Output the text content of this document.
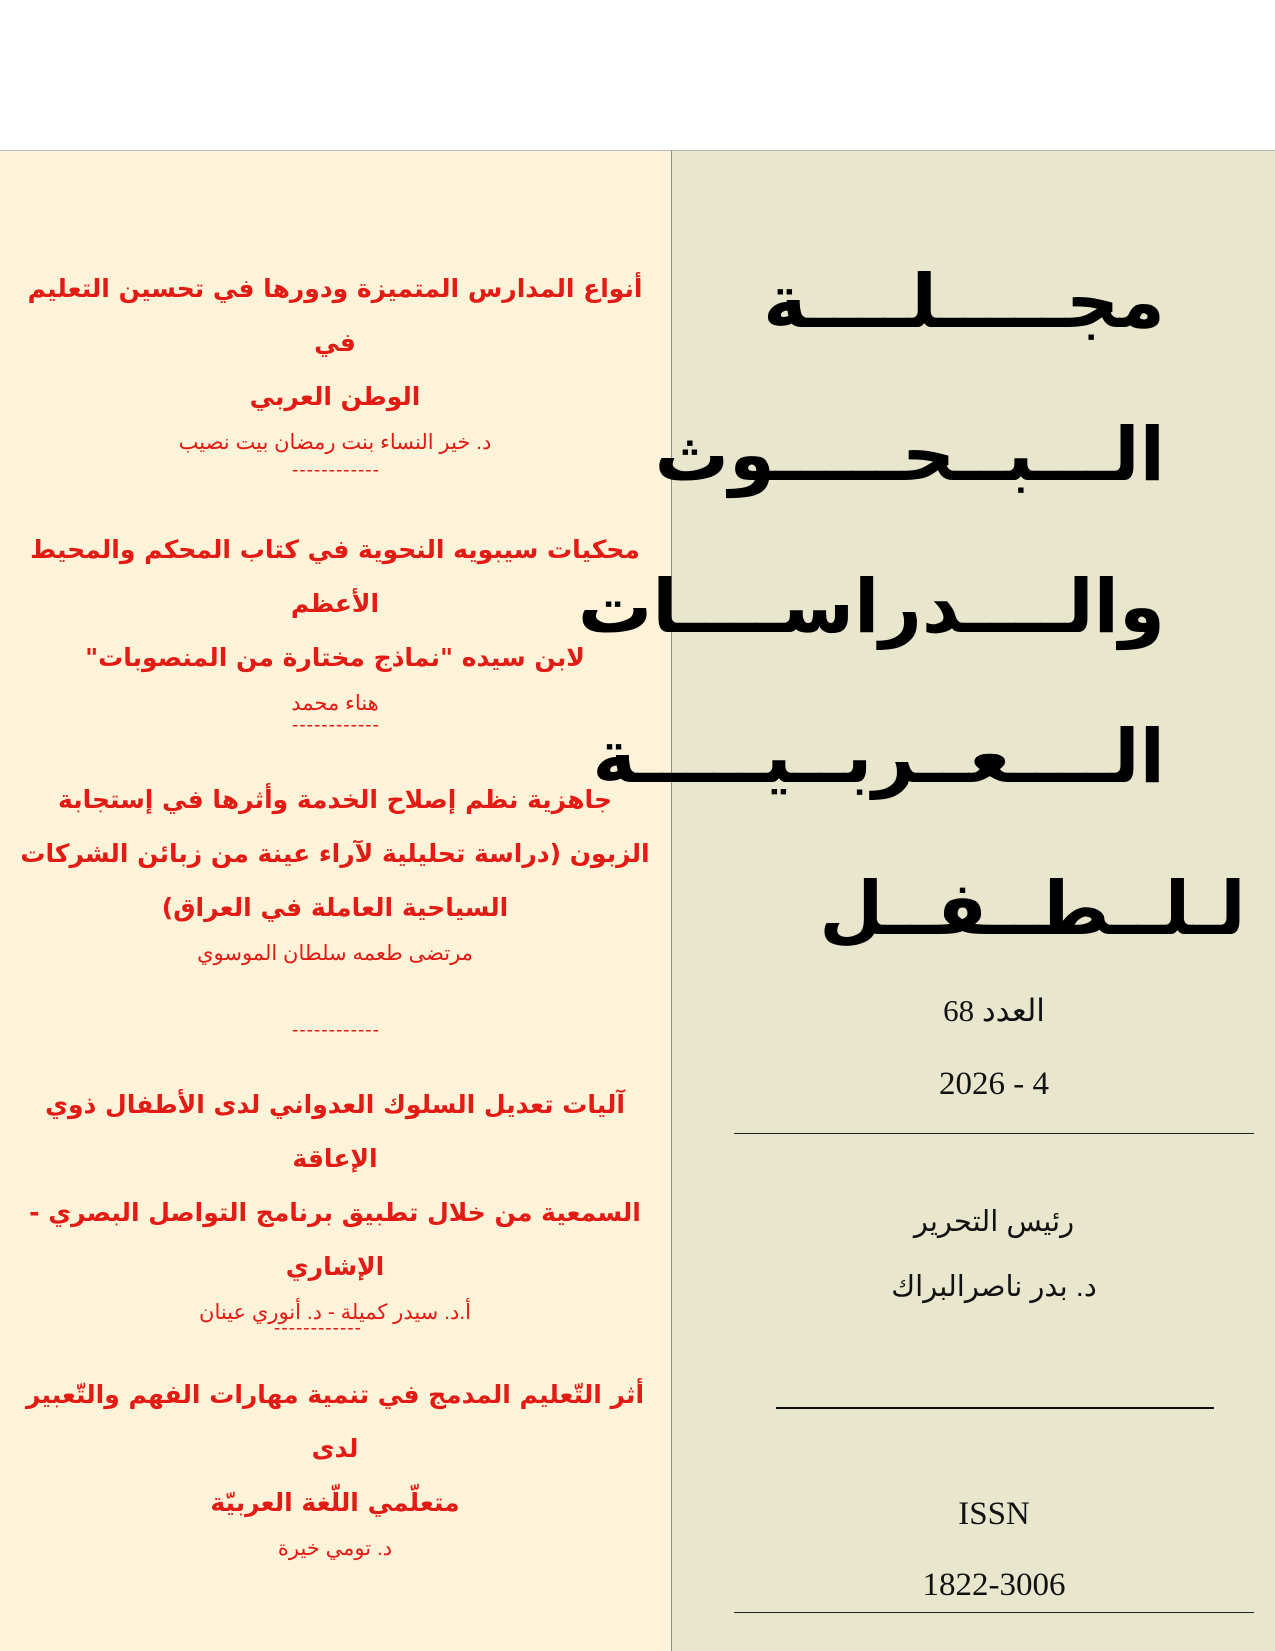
أنواع المدارس المتميزة ودورها في تحسين التعليم في
الوطن العربي

د. خير النساء بنت رمضان بيت نصيب
------------

محكيات سيبويه النحوية في كتاب المحكم والمحيط الأعظم
لابن سيده "نماذج مختارة من المنصوبات"

هناء محمد
------------

جاهزية نظم إصلاح الخدمة وأثرها في إستجابة
الزبون (دراسة تحليلية لآراء عينة من زبائن الشركات
السياحية العاملة في العراق)

مرتضى طعمه سلطان الموسوي
------------

آليات تعديل السلوك العدواني لدى الأطفال ذوي الإعاقة
السمعية من خلال تطبيق برنامج التواصل البصري -
الإشاري

أ.د. سيدر كميلة - د. أنوري عينان
------------

أثر التّعليم المدمج في تنمية مهارات الفهم والتّعبير لدى
متعلّمي اللّغة العربيّة

د. تومي خيرة
مجـــــلــــة
الـــبــحـــــوث
والــــدراســــات
الــــعــربــيـــــة
لـلــطــفــل
العدد 68
2026 - 4
رئيس التحرير
د. بدر ناصرالبراك
ISSN
1822-3006
